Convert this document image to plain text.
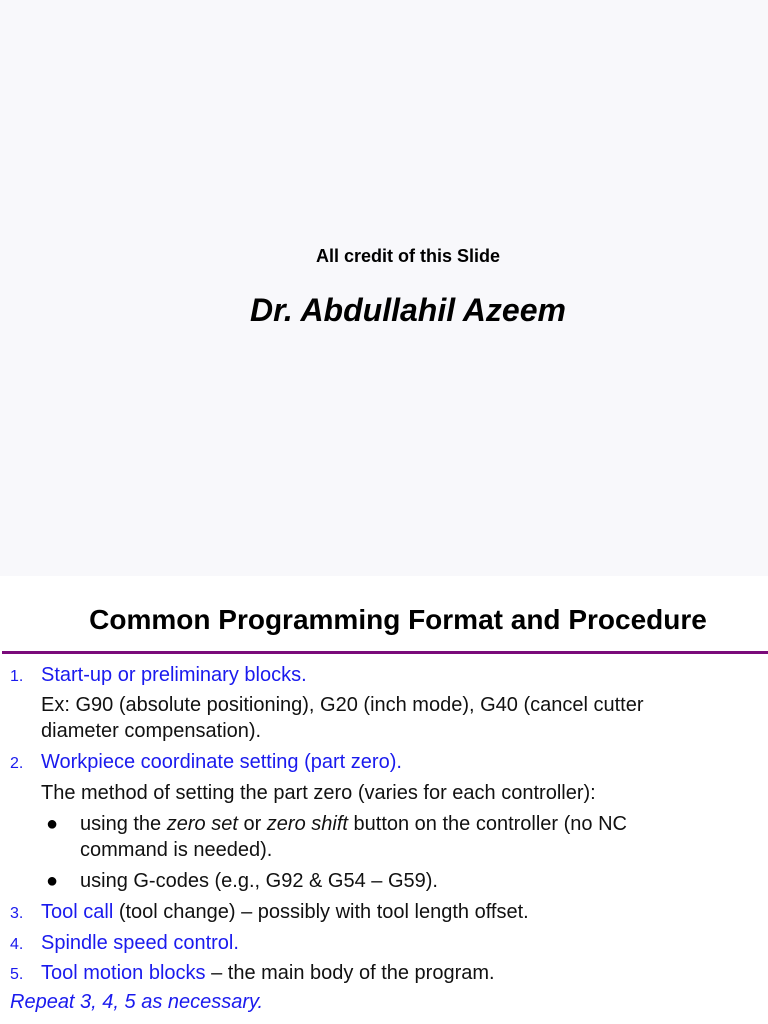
All credit of this Slide
Dr. Abdullahil Azeem
Common Programming Format and Procedure
1. Start-up or preliminary blocks.
Ex: G90 (absolute positioning), G20 (inch mode), G40 (cancel cutter
diameter compensation).
2. Workpiece coordinate setting (part zero).
The method of setting the part zero (varies for each controller):
● using the zero set or zero shift button on the controller (no NC
command is needed).
● using G-codes (e.g., G92 & G54 – G59).
3. Tool call (tool change) – possibly with tool length offset.
4. Spindle speed control.
5. Tool motion blocks – the main body of the program.
Repeat 3, 4, 5 as necessary.
